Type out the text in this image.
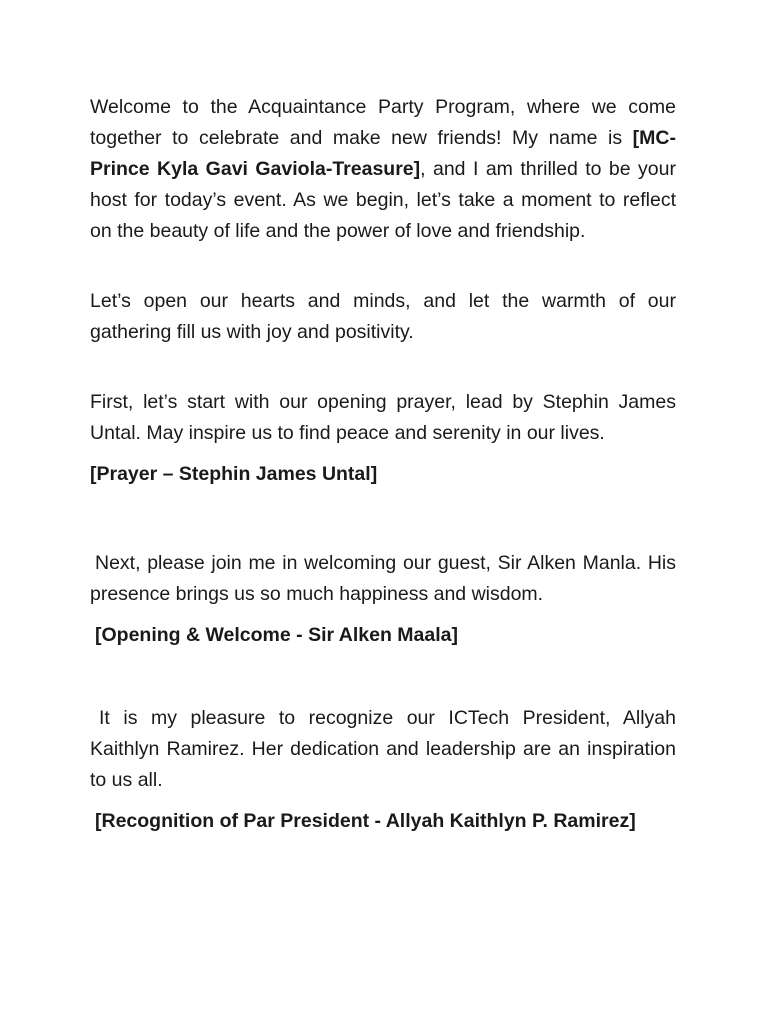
Welcome to the Acquaintance Party Program, where we come together to celebrate and make new friends! My name is [MC-Prince Kyla Gavi Gaviola-Treasure], and I am thrilled to be your host for today’s event. As we begin, let’s take a moment to reflect on the beauty of life and the power of love and friendship.

Let’s open our hearts and minds, and let the warmth of our gathering fill us with joy and positivity.

First, let’s start with our opening prayer, lead by Stephin James Untal. May inspire us to find peace and serenity in our lives.

[Prayer – Stephin James Untal]

Next, please join me in welcoming our guest, Sir Alken Manla. His presence brings us so much happiness and wisdom.

[Opening & Welcome - Sir Alken Maala]

It is my pleasure to recognize our ICTech President, Allyah Kaithlyn Ramirez. Her dedication and leadership are an inspiration to us all.

[Recognition of Par President - Allyah Kaithlyn P. Ramirez]
